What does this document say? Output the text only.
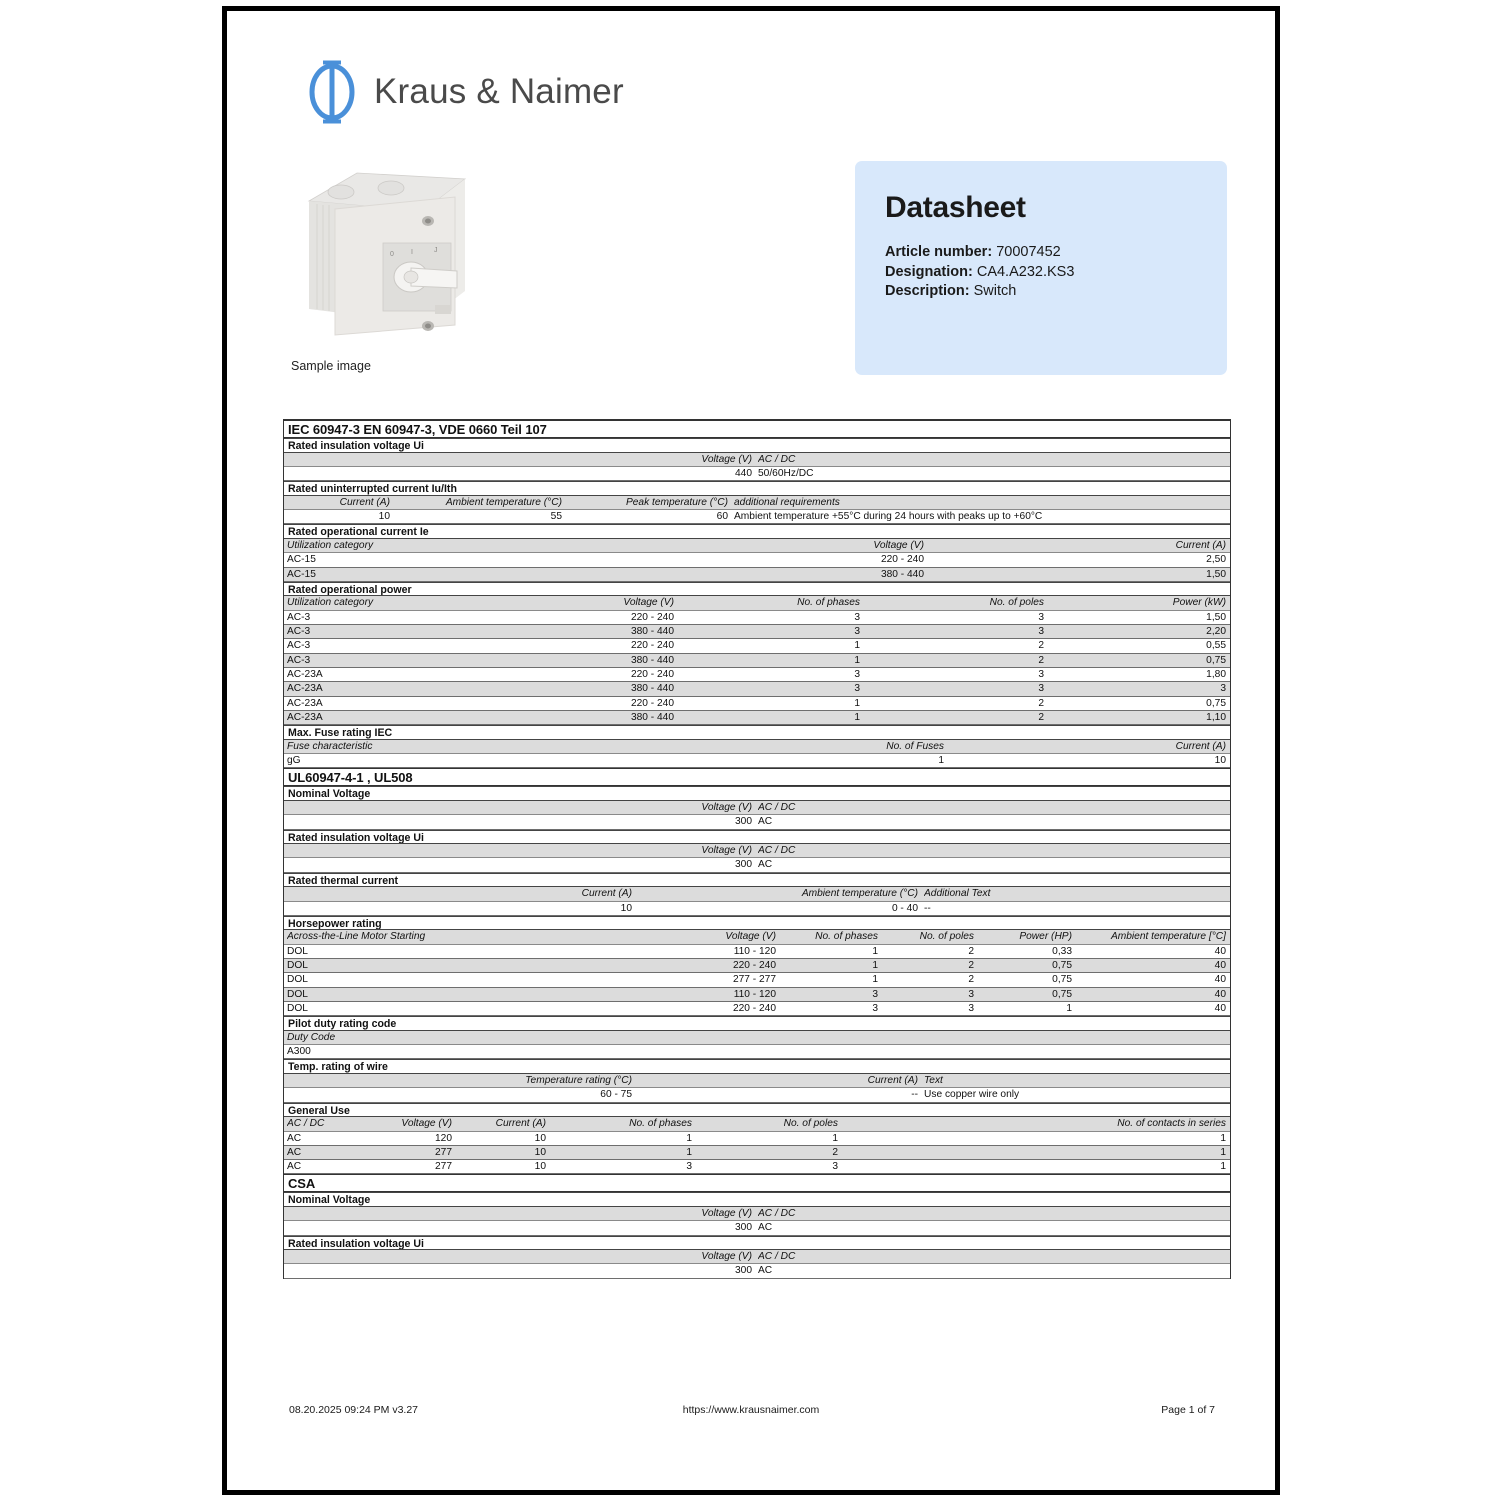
Kraus & Naimer
0 I	J
Sample image
Datasheet
Article number: 70007452
Designation: CA4.A232.KS3
Description: Switch
IEC 60947-3 EN 60947-3, VDE 0660 Teil 107
Rated insulation voltage Ui
Voltage (V) AC / DC
440 50/60Hz/DC
Rated uninterrupted current Iu/Ith
Current (A)	Ambient temperature (°C)	Peak temperature (°C) additional requirements
10	55	60 Ambient temperature +55°C during 24 hours with peaks up to +60°C
Rated operational current Ie
Utilization category	Voltage (V)	Current (A)
AC-15	220 - 240	2,50
AC-15	380 - 440	1,50
Rated operational power
Utilization category	Voltage (V)	No. of phases	No. of poles	Power (kW)
AC-3	220 - 240	3	3	1,50
AC-3	380 - 440	3	3	2,20
AC-3	220 - 240	1	2	0,55
AC-3	380 - 440	1	2	0,75
AC-23A	220 - 240	3	3	1,80
AC-23A	380 - 440	3	3	3
AC-23A	220 - 240	1	2	0,75
AC-23A	380 - 440	1	2	1,10
Max. Fuse rating IEC
Fuse characteristic	No. of Fuses	Current (A)
gG	1	10
UL60947-4-1 , UL508
Nominal Voltage
Voltage (V) AC / DC
300 AC
Rated insulation voltage Ui
Voltage (V) AC / DC
300 AC
Rated thermal current
Current (A)	Ambient temperature (°C) Additional Text
10	0 - 40 --
Horsepower rating
Across-the-Line Motor Starting	Voltage (V)	No. of phases	No. of poles	Power (HP)	Ambient temperature [°C]
DOL	110 - 120	1	2	0,33	40
DOL	220 - 240	1	2	0,75	40
DOL	277 - 277	1	2	0,75	40
DOL	110 - 120	3	3	0,75	40
DOL	220 - 240	3	3	1	40
Pilot duty rating code
Duty Code
A300
Temp. rating of wire
Temperature rating (°C)	Current (A) Text
60 - 75	-- Use copper wire only
General Use
AC / DC	Voltage (V)	Current (A)	No. of phases	No. of poles	No. of contacts in series
AC	120	10	1	1	1
AC	277	10	1	2	1
AC	277	10	3	3	1
CSA
Nominal Voltage
Voltage (V) AC / DC
300 AC
Rated insulation voltage Ui
Voltage (V) AC / DC
300 AC
08.20.2025 09:24 PM v3.27	https://www.krausnaimer.com	Page 1 of 7
